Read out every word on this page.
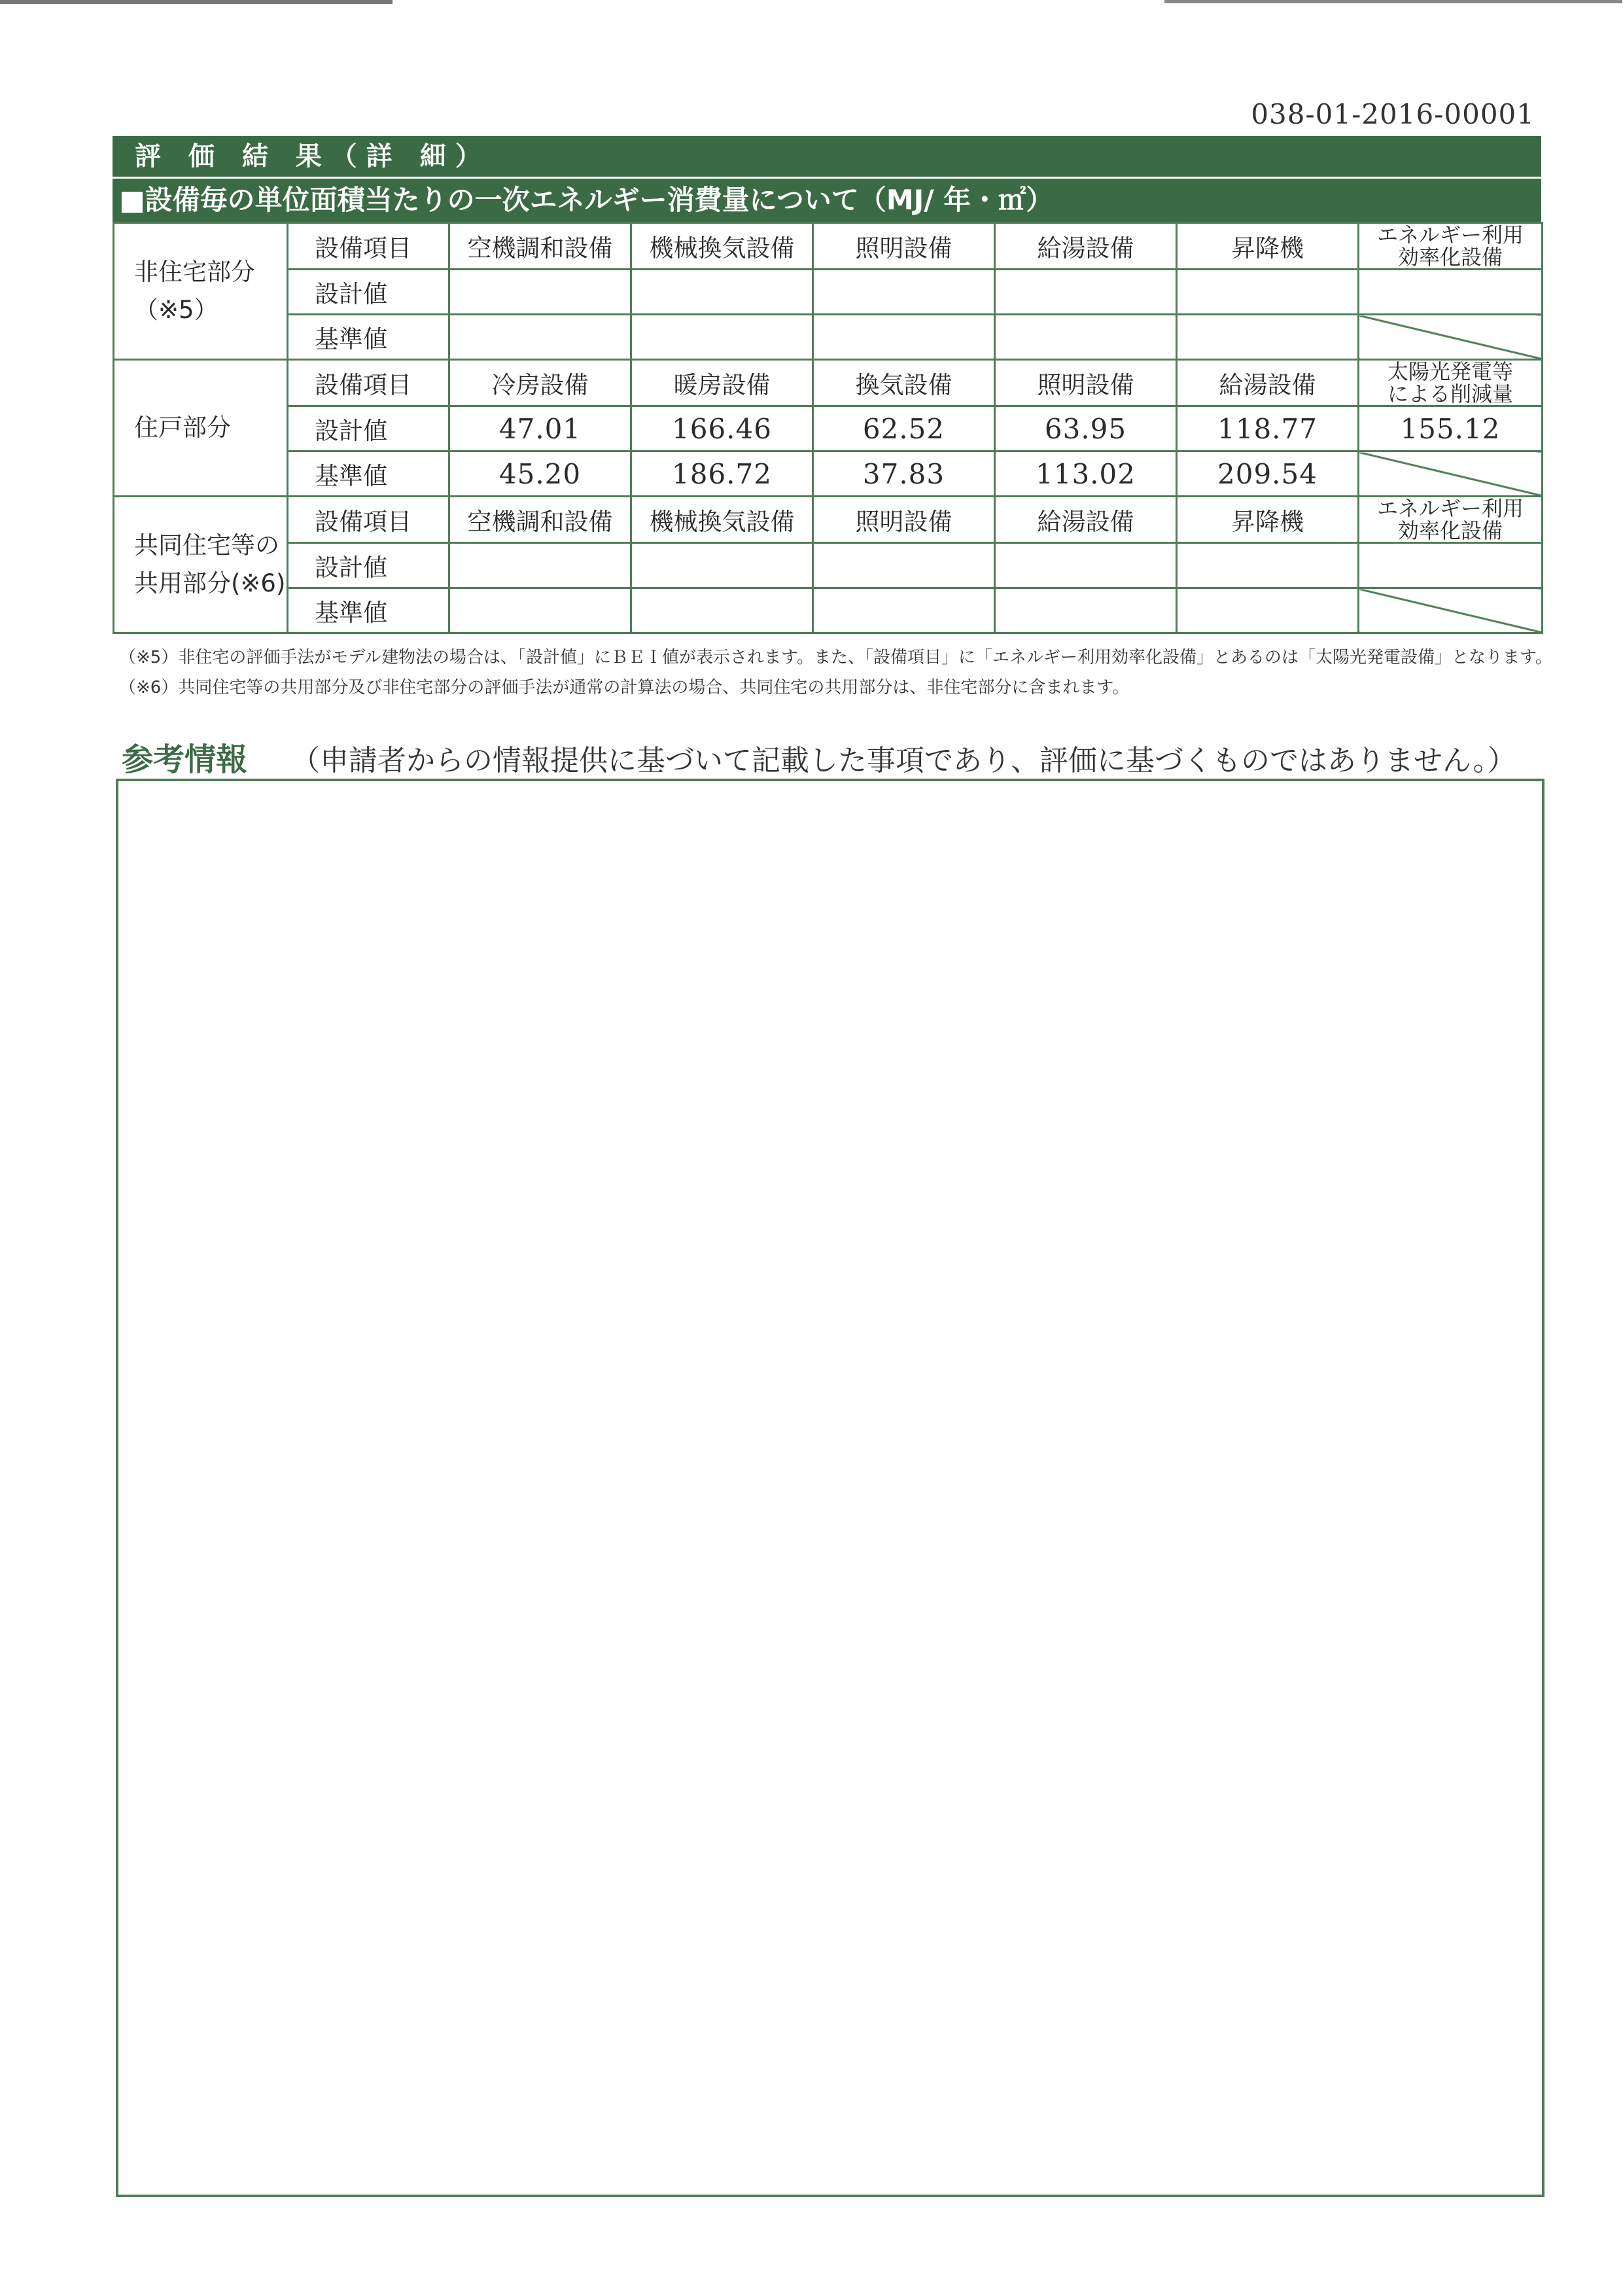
038-01-2016-00001
評 価 結 果（詳 細）
■設備毎の単位面積当たりの一次エネルギー消費量について（MJ/ 年・㎡）
非住宅部分
（※5）	設備項目	空機調和設備	機械換気設備	照明設備	給湯設備	昇降機	エネルギー利用
効率化設備
	設計値						
	基準値						
住戸部分	設備項目	冷房設備	暖房設備	換気設備	照明設備	給湯設備	太陽光発電等
による削減量
	設計値	47.01	166.46	62.52	63.95	118.77	155.12
	基準値	45.20	186.72	37.83	113.02	209.54	
共同住宅等の
共用部分(※6)	設備項目	空機調和設備	機械換気設備	照明設備	給湯設備	昇降機	エネルギー利用
効率化設備
	設計値						
	基準値						
（※5）非住宅の評価手法がモデル建物法の場合は、「設計値」にＢＥＩ値が表示されます。また、「設備項目」に「エネルギー利用効率化設備」とあるのは「太陽光発電設備」となります。
（※6）共同住宅等の共用部分及び非住宅部分の評価手法が通常の計算法の場合、共同住宅の共用部分は、非住宅部分に含まれます。
参考情報 （申請者からの情報提供に基づいて記載した事項であり、評価に基づくものではありません。）
